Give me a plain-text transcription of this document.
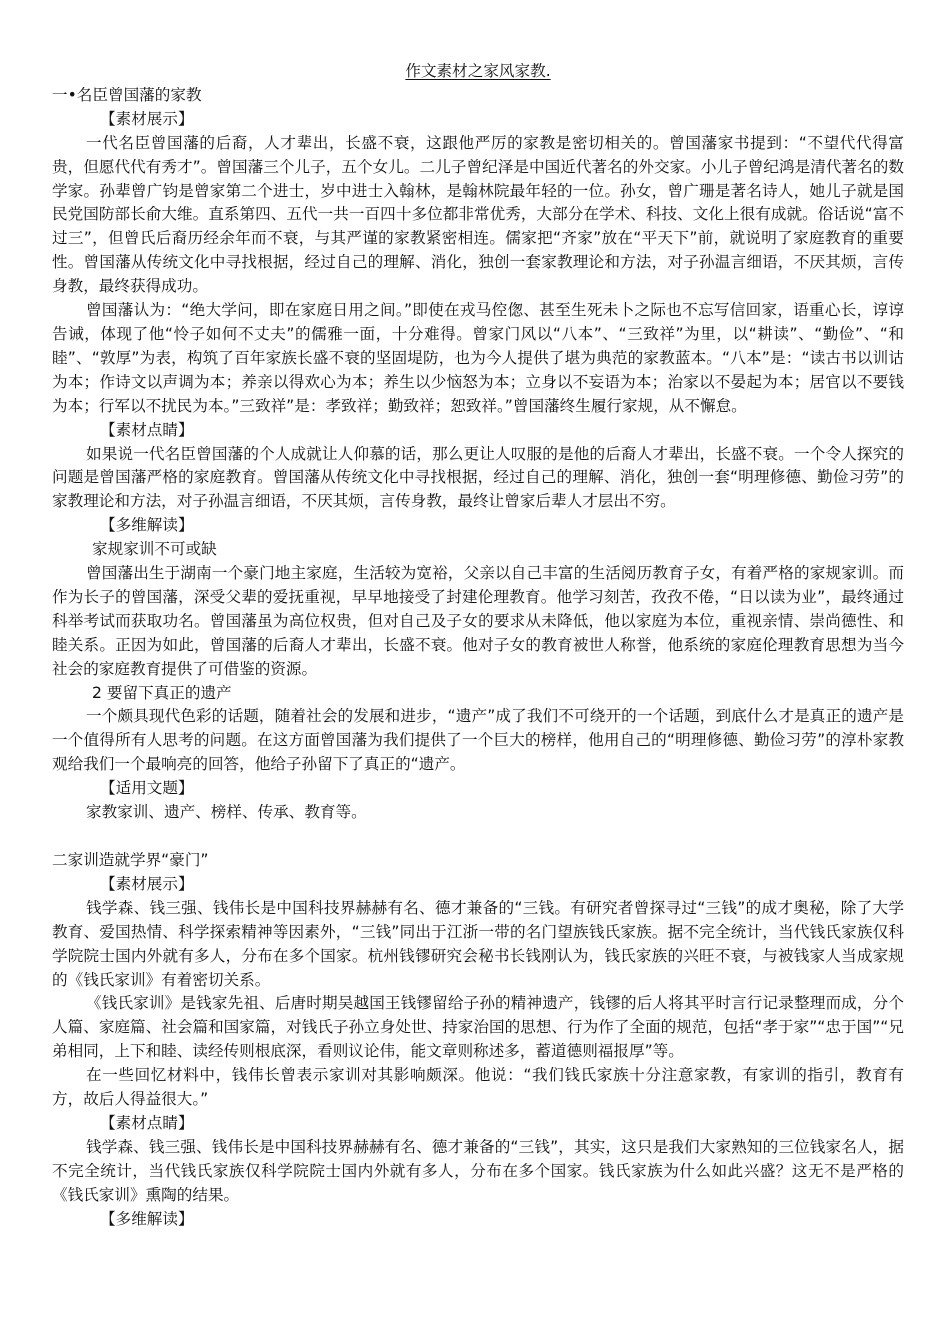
作文素材之家风家教.

一•名臣曾国藩的家教

【素材展示】

一代名臣曾国藩的后裔，人才辈出，长盛不衰，这跟他严厉的家教是密切相关的。曾国藩家书提到：“不望代代得富贵，但愿代代有秀才”。曾国藩三个儿子，五个女儿。二儿子曾纪泽是中国近代著名的外交家。小儿子曾纪鸿是清代著名的数学家。孙辈曾广钧是曾家第二个进士，岁中进士入翰林，是翰林院最年轻的一位。孙女，曾广珊是著名诗人，她儿子就是国民党国防部长俞大维。直系第四、五代一共一百四十多位都非常优秀，大部分在学术、科技、文化上很有成就。俗话说“富不过三”，但曾氏后裔历经余年而不衰，与其严谨的家教紧密相连。儒家把“齐家”放在“平天下”前，就说明了家庭教育的重要性。曾国藩从传统文化中寻找根据，经过自己的理解、消化，独创一套家教理论和方法，对子孙温言细语，不厌其烦，言传身教，最终获得成功。

曾国藩认为：“绝大学问，即在家庭日用之间。”即使在戎马倥偬、甚至生死未卜之际也不忘写信回家，语重心长，谆谆告诫，体现了他“怜子如何不丈夫”的儒雅一面，十分难得。曾家门风以“八本”、“三致祥”为里，以“耕读”、“勤俭”、“和睦”、“敦厚”为表，构筑了百年家族长盛不衰的坚固堤防，也为今人提供了堪为典范的家教蓝本。“八本”是：“读古书以训诂为本；作诗文以声调为本；养亲以得欢心为本；养生以少恼怒为本；立身以不妄语为本；治家以不晏起为本；居官以不要钱为本；行军以不扰民为本。”三致祥”是：孝致祥；勤致祥；恕致祥。”曾国藩终生履行家规，从不懈怠。

【素材点睛】

如果说一代名臣曾国藩的个人成就让人仰慕的话，那么更让人叹服的是他的后裔人才辈出，长盛不衰。一个令人探究的问题是曾国藩严格的家庭教育。曾国藩从传统文化中寻找根据，经过自己的理解、消化，独创一套“明理修德、勤俭习劳”的家教理论和方法，对子孙温言细语，不厌其烦，言传身教，最终让曾家后辈人才层出不穷。

【多维解读】

家规家训不可或缺

曾国藩出生于湖南一个豪门地主家庭，生活较为宽裕，父亲以自己丰富的生活阅历教育子女，有着严格的家规家训。而作为长子的曾国藩，深受父辈的爱抚重视，早早地接受了封建伦理教育。他学习刻苦，孜孜不倦，“日以读为业”，最终通过科举考试而获取功名。曾国藩虽为高位权贵，但对自己及子女的要求从未降低，他以家庭为本位，重视亲情、崇尚德性、和睦关系。正因为如此，曾国藩的后裔人才辈出，长盛不衰。他对子女的教育被世人称誉，他系统的家庭伦理教育思想为当今社会的家庭教育提供了可借鉴的资源。

2 要留下真正的遗产

一个颇具现代色彩的话题，随着社会的发展和进步，“遗产”成了我们不可绕开的一个话题，到底什么才是真正的遗产是一个值得所有人思考的问题。在这方面曾国藩为我们提供了一个巨大的榜样，他用自己的“明理修德、勤俭习劳”的淳朴家教观给我们一个最响亮的回答，他给子孙留下了真正的“遗产。

【适用文题】

家教家训、遗产、榜样、传承、教育等。

二家训造就学界“豪门”

【素材展示】

钱学森、钱三强、钱伟长是中国科技界赫赫有名、德才兼备的“三钱。有研究者曾探寻过“三钱”的成才奥秘，除了大学教育、爱国热情、科学探索精神等因素外，“三钱”同出于江浙一带的名门望族钱氏家族。据不完全统计，当代钱氏家族仅科学院院士国内外就有多人，分布在多个国家。杭州钱镠研究会秘书长钱刚认为，钱氏家族的兴旺不衰，与被钱家人当成家规的《钱氏家训》有着密切关系。

《钱氏家训》是钱家先祖、后唐时期吴越国王钱镠留给子孙的精神遗产，钱镠的后人将其平时言行记录整理而成，分个人篇、家庭篇、社会篇和国家篇，对钱氏子孙立身处世、持家治国的思想、行为作了全面的规范，包括“孝于家”“忠于国”“兄弟相同，上下和睦、读经传则根底深，看则议论伟，能文章则称述多，蓄道德则福报厚”等。

在一些回忆材料中，钱伟长曾表示家训对其影响颇深。他说：“我们钱氏家族十分注意家教，有家训的指引，教育有方，故后人得益很大。”

【素材点睛】

钱学森、钱三强、钱伟长是中国科技界赫赫有名、德才兼备的“三钱”，其实，这只是我们大家熟知的三位钱家名人，据不完全统计，当代钱氏家族仅科学院院士国内外就有多人，分布在多个国家。钱氏家族为什么如此兴盛？这无不是严格的《钱氏家训》熏陶的结果。

【多维解读】
